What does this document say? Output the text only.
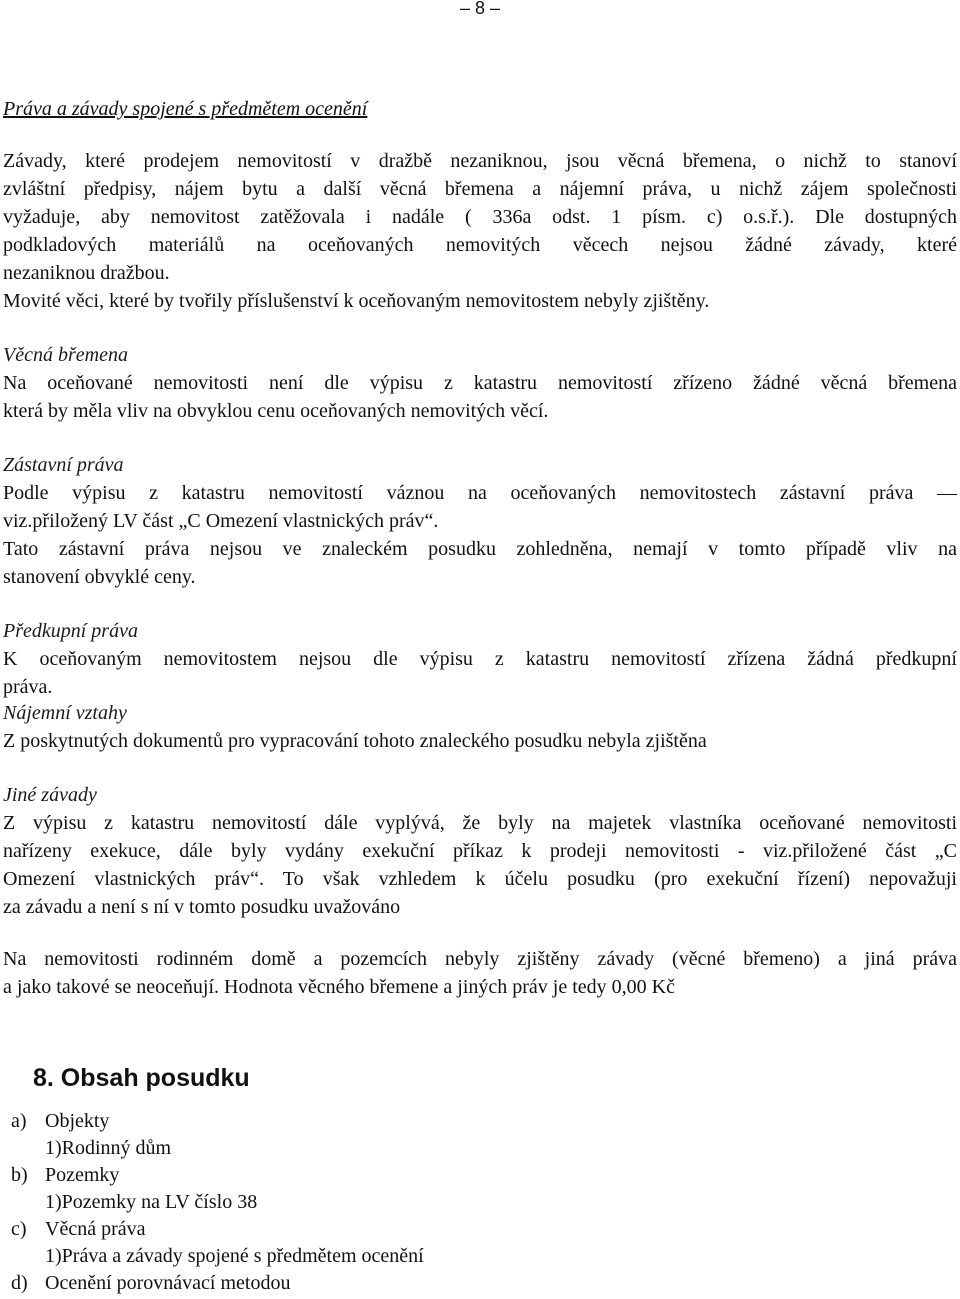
– 8 –
Práva a závady spojené s předmětem ocenění
Závady, které prodejem nemovitostí v dražbě nezaniknou, jsou věcná břemena, o nichž to stanoví
zvláštní předpisy, nájem bytu a další věcná břemena a nájemní práva, u nichž zájem společnosti
vyžaduje, aby nemovitost zatěžovala i nadále ( 336a odst. 1 písm. c) o.s.ř.). Dle dostupných
podkladových materiálů na oceňovaných nemovitých věcech nejsou žádné závady, které
nezaniknou dražbou.
Movité věci, které by tvořily příslušenství k oceňovaným nemovitostem nebyly zjištěny.
Věcná břemena
Na oceňované nemovitosti není dle výpisu z katastru nemovitostí zřízeno žádné věcná břemena
která by měla vliv na obvyklou cenu oceňovaných nemovitých věcí.
Zástavní práva
Podle výpisu z katastru nemovitostí váznou na oceňovaných nemovitostech zástavní práva —
viz.přiložený LV část „C Omezení vlastnických práv“.
Tato zástavní práva nejsou ve znaleckém posudku zohledněna, nemají v tomto případě vliv na
stanovení obvyklé ceny.
Předkupní práva
K oceňovaným nemovitostem nejsou dle výpisu z katastru nemovitostí zřízena žádná předkupní
práva.
Nájemní vztahy
Z poskytnutých dokumentů pro vypracování tohoto znaleckého posudku nebyla zjištěna
Jiné závady
Z výpisu z katastru nemovitostí dále vyplývá, že byly na majetek vlastníka oceňované nemovitosti
nařízeny exekuce, dále byly vydány exekuční příkaz k prodeji nemovitosti - viz.přiložené část „C
Omezení vlastnických práv“. To však vzhledem k účelu posudku (pro exekuční řízení) nepovažuji
za závadu a není s ní v tomto posudku uvažováno
Na nemovitosti rodinném domě a pozemcích nebyly zjištěny závady (věcné břemeno) a jiná práva
a jako takové se neoceňují. Hodnota věcného břemene a jiných práv je tedy 0,00 Kč
8. Obsah posudku
a) Objekty
1)Rodinný dům
b) Pozemky
1)Pozemky na LV číslo 38
c) Věcná práva
1)Práva a závady spojené s předmětem ocenění
d) Ocenění porovnávací metodou
